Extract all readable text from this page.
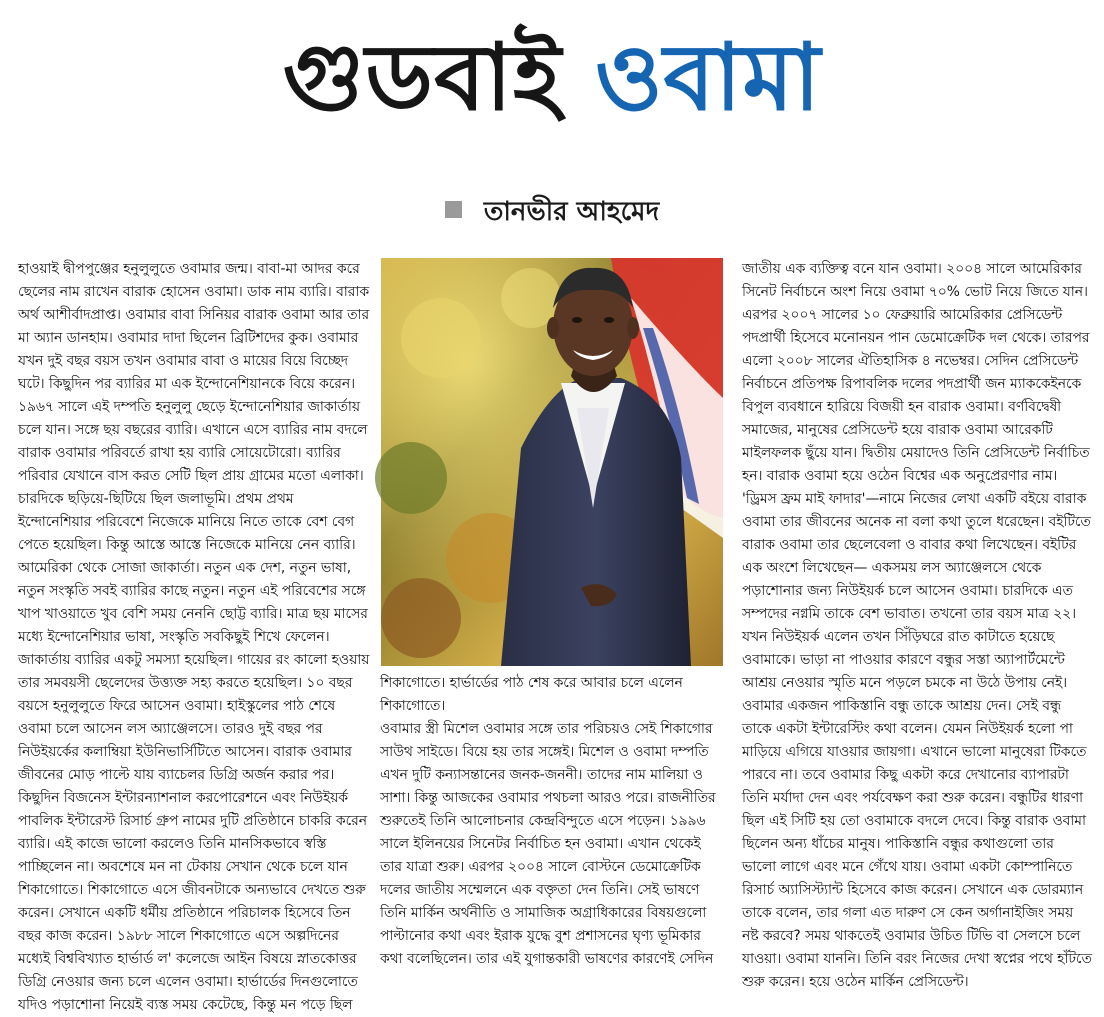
গুডবাই ওবামা
তানভীর আহমেদ
হাওয়াই দ্বীপপুঞ্জের হনুলুলুতে ওবামার জন্ম। বাবা-মা আদর করে ছেলের নাম রাখেন বারাক হোসেন ওবামা। ডাক নাম ব্যারি। বারাক অর্থ আশীর্বাদপ্রাপ্ত। ওবামার বাবা সিনিয়র বারাক ওবামা আর তার মা অ্যান ডানহাম। ওবামার দাদা ছিলেন ব্রিটিশদের কুক। ওবামার যখন দুই বছর বয়স তখন ওবামার বাবা ও মায়ের বিয়ে বিচ্ছেদ ঘটে। কিছুদিন পর ব্যারির মা এক ইন্দোনেশিয়ানকে বিয়ে করেন। ১৯৬৭ সালে এই দম্পতি হনুলুলু ছেড়ে ইন্দোনেশিয়ার জাকার্তায় চলে যান। সঙ্গে ছয় বছরের ব্যারি। এখানে এসে ব্যারির নাম বদলে বারাক ওবামার পরিবর্তে রাখা হয় ব্যারি সোয়েটোরো। ব্যারির পরিবার যেখানে বাস করত সেটি ছিল প্রায় গ্রামের মতো এলাকা। চারদিকে ছড়িয়ে-ছিটিয়ে ছিল জলাভূমি। প্রথম প্রথম ইন্দোনেশিয়ার পরিবেশে নিজেকে মানিয়ে নিতে তাকে বেশ বেগ পেতে হয়েছিল। কিন্তু আস্তে আস্তে নিজেকে মানিয়ে নেন ব্যারি। আমেরিকা থেকে সোজা জাকার্তা। নতুন এক দেশ, নতুন ভাষা, নতুন সংস্কৃতি সবই ব্যারির কাছে নতুন। নতুন এই পরিবেশের সঙ্গে খাপ খাওয়াতে খুব বেশি সময় নেননি ছোট্ট ব্যারি। মাত্র ছয় মাসের মধ্যে ইন্দোনেশিয়ার ভাষা, সংস্কৃতি সবকিছুই শিখে ফেলেন। জাকার্তায় ব্যারির একটু সমস্যা হয়েছিল। গায়ের রং কালো হওয়ায় তার সমবয়সী ছেলেদের উত্ত্যক্ত সহ্য করতে হয়েছিল। ১০ বছর বয়সে হনুলুলুতে ফিরে আসেন ওবামা। হাইস্কুলের পাঠ শেষে ওবামা চলে আসেন লস অ্যাঞ্জেলসে। তারও দুই বছর পর নিউইয়র্কের কলাম্বিয়া ইউনিভার্সিটিতে আসেন। বারাক ওবামার জীবনের মোড় পাল্টে যায় ব্যাচেলর ডিগ্রি অর্জন করার পর। কিছুদিন বিজনেস ইন্টারন্যাশনাল করপোরেশনে এবং নিউইয়র্ক পাবলিক ইন্টারেস্ট রিসার্চ গ্রুপ নামের দুটি প্রতিষ্ঠানে চাকরি করেন ব্যারি। এই কাজে ভালো করলেও তিনি মানসিকভাবে স্বস্তি পাচ্ছিলেন না। অবশেষে মন না টেকায় সেখান থেকে চলে যান শিকাগোতে। শিকাগোতে এসে জীবনটাকে অন্যভাবে দেখতে শুরু করেন। সেখানে একটি ধর্মীয় প্রতিষ্ঠানে পরিচালক হিসেবে তিন বছর কাজ করেন। ১৯৮৮ সালে শিকাগোতে এসে অল্পদিনের মধ্যেই বিশ্ববিখ্যাত হার্ভার্ড ল' কলেজে আইন বিষয়ে স্নাতকোত্তর ডিগ্রি নেওয়ার জন্য চলে এলেন ওবামা। হার্ভার্ডের দিনগুলোতে যদিও পড়াশোনা নিয়েই ব্যস্ত সময় কেটেছে, কিন্তু মন পড়ে ছিল
শিকাগোতে। হার্ভার্ডের পাঠ শেষ করে আবার চলে এলেন শিকাগোতে।
ওবামার স্ত্রী মিশেল ওবামার সঙ্গে তার পরিচয়ও সেই শিকাগোর সাউথ সাইডে। বিয়ে হয় তার সঙ্গেই। মিশেল ও ওবামা দম্পতি এখন দুটি কন্যাসন্তানের জনক-জননী। তাদের নাম মালিয়া ও সাশা। কিন্তু আজকের ওবামার পথচলা আরও পরে। রাজনীতির শুরুতেই তিনি আলোচনার কেন্দ্রবিন্দুতে এসে পড়েন। ১৯৯৬ সালে ইলিনয়ের সিনেটর নির্বাচিত হন ওবামা। এখান থেকেই তার যাত্রা শুরু। এরপর ২০০৪ সালে বোস্টনে ডেমোক্রেটিক দলের জাতীয় সম্মেলনে এক বক্তৃতা দেন তিনি। সেই ভাষণে তিনি মার্কিন অর্থনীতি ও সামাজিক অগ্রাধিকারের বিষয়গুলো পাল্টানোর কথা এবং ইরাক যুদ্ধে বুশ প্রশাসনের ঘৃণ্য ভূমিকার কথা বলেছিলেন। তার এই যুগান্তকারী ভাষণের কারণেই সেদিন
জাতীয় এক ব্যক্তিত্ব বনে যান ওবামা। ২০০৪ সালে আমেরিকার সিনেট নির্বাচনে অংশ নিয়ে ওবামা ৭০% ভোট নিয়ে জিতে যান। এরপর ২০০৭ সালের ১০ ফেব্রুয়ারি আমেরিকার প্রেসিডেন্ট পদপ্রার্থী হিসেবে মনোনয়ন পান ডেমোক্রেটিক দল থেকে। তারপর এলো ২০০৮ সালের ঐতিহাসিক ৪ নভেম্বর। সেদিন প্রেসিডেন্ট নির্বাচনে প্রতিপক্ষ রিপাবলিক দলের পদপ্রার্থী জন ম্যাককেইনকে বিপুল ব্যবধানে হারিয়ে বিজয়ী হন বারাক ওবামা। বর্ণবিদ্বেষী সমাজের, মানুষের প্রেসিডেন্ট হয়ে বারাক ওবামা আরেকটি মাইলফলক ছুঁয়ে যান। দ্বিতীয় মেয়াদেও তিনি প্রেসিডেন্ট নির্বাচিত হন। বারাক ওবামা হয়ে ওঠেন বিশ্বের এক অনুপ্রেরণার নাম। 'ড্রিমস ফ্রম মাই ফাদার'—নামে নিজের লেখা একটি বইয়ে বারাক ওবামা তার জীবনের অনেক না বলা কথা তুলে ধরেছেন। বইটিতে বারাক ওবামা তার ছেলেবেলা ও বাবার কথা লিখেছেন। বইটির এক অংশে লিখেছেন— একসময় লস অ্যাঞ্জেলসে থেকে পড়াশোনার জন্য নিউইয়র্ক চলে আসেন ওবামা। চারদিকে এত সম্পদের নগ্নমি তাকে বেশ ভাবাত। তখনো তার বয়স মাত্র ২২। যখন নিউইয়র্ক এলেন তখন সিঁড়িঘরে রাত কাটাতে হয়েছে ওবামাকে। ভাড়া না পাওয়ার কারণে বন্ধুর সস্তা অ্যাপার্টমেন্টে আশ্রয় নেওয়ার স্মৃতি মনে পড়লে চমকে না উঠে উপায় নেই। ওবামার একজন পাকিস্তানি বন্ধু তাকে আশ্রয় দেন। সেই বন্ধু তাকে একটা ইন্টারেস্টিং কথা বলেন। যেমন নিউইয়র্ক হলো পা মাড়িয়ে এগিয়ে যাওয়ার জায়গা। এখানে ভালো মানুষেরা টিকতে পারবে না। তবে ওবামার কিছু একটা করে দেখানোর ব্যাপারটা তিনি মর্যাদা দেন এবং পর্যবেক্ষণ করা শুরু করেন। বন্ধুটির ধারণা ছিল এই সিটি হয় তো ওবামাকে বদলে দেবে। কিন্তু বারাক ওবামা ছিলেন অন্য ধাঁচের মানুষ। পাকিস্তানি বন্ধুর কথাগুলো তার ভালো লাগে এবং মনে গেঁথে যায়। ওবামা একটা কোম্পানিতে রিসার্চ অ্যাসিস্ট্যান্ট হিসেবে কাজ করেন। সেখানে এক ডোরম্যান তাকে বলেন, তার গলা এত দারুণ সে কেন অর্গানাইজিং সময় নষ্ট করবে? সময় থাকতেই ওবামার উচিত টিভি বা সেলসে চলে যাওয়া। ওবামা যাননি। তিনি বরং নিজের দেখা স্বপ্নের পথে হাঁটতে শুরু করেন। হয়ে ওঠেন মার্কিন প্রেসিডেন্ট।
